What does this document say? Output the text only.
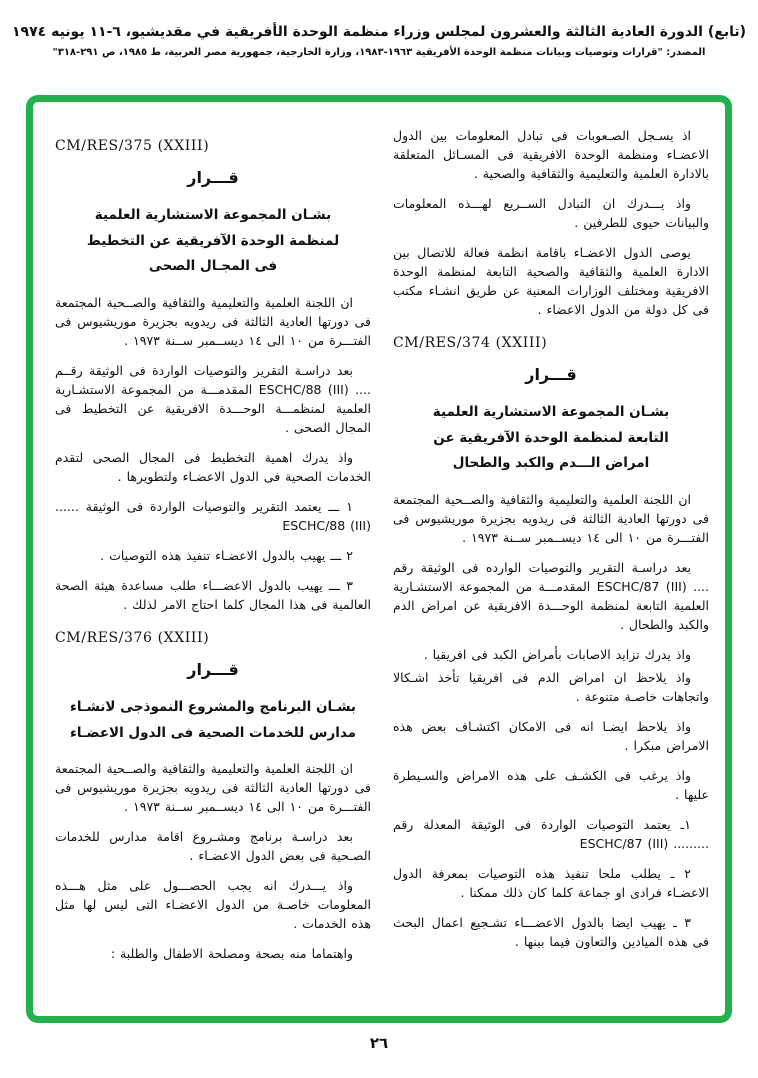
(تابع) الدورة العادية الثالثة والعشرون لمجلس وزراء منظمة الوحدة الأفريقية في مقديشيو، ٦-١١ يونيه ١٩٧٤
المصدر: "قرارات وتوصيات وبيانات منظمة الوحدة الأفريقية ١٩٦٣-١٩٨٣، وزارة الخارجية، جمهورية مصر العربية، ط ١٩٨٥، ص ٢٩١-٣١٨"
CM/RES/375 (XXIII)
قـــرار
بشـان المجموعة الاستشارية العلمية
لمنظمة الوحدة الآفريقية عن التخطيط
فى المجـال الصحى
ان اللجنة العلمية والتعليمية والثقافية والصــحية المجتمعة فى دورتها العادية الثالثة فى ريدويه بجزيرة موريشيوس فى الفتـــرة من ١٠ الى ١٤ ديســمبر ســنة ١٩٧٣ .
بعد دراسـة التقرير والتوصيات الواردة فى الوثيقة رقــم .... ESCHC/88 (III) المقدمـــة من المجموعة الاستشـارية العلمية لمنظمـــة الوحـــدة الافريقية عن التخطيط فى المجال الصحى .
واذ يدرك اهمية التخطيط فى المجال الصحى لتقدم الخدمات الصحية فى الدول الاعضـاء ولتطويرها .
١ ـــ يعتمد التقرير والتوصيات الواردة فى الوثيقة ...... ESCHC/88 (III)
٢ ـــ يهيب بالدول الاعضـاء تنفيذ هذه التوصيات .
٣ ـــ يهيب بالدول الاعضـــاء طلب مساعدة هيئة الصحة العالمية فى هذا المجال كلما احتاج الامر لذلك .
CM/RES/376 (XXIII)
قـــرار
بشـان البرنامج والمشروع النموذجى لانشـاء
مدارس للخدمات الصحية فى الدول الاعضـاء
ان اللجنة العلمية والتعليمية والثقافية والصــحية المجتمعة فى دورتها العادية الثالثة فى ريدويه بجزيرة موريشيوس فى الفتـــرة من ١٠ الى ١٤ ديســمبر ســنة ١٩٧٣ .
بعد دراسـة برنامج ومشـروع اقامة مدارس للخدمات الصـحية فى بعض الدول الاعضـاء .
واذ يـــدرك انه يجب الحصـــول على مثل هـــذه المعلومات خاصـة من الدول الاعضـاء التى ليس لها مثل هذه الخدمات .
واهتماما منه بصحة ومصلحة الاطفال والطلبة :
اذ يسـجل الصـعوبات فى تبادل المعلومات بين الدول الاعضـاء ومنظمة الوحدة الافريقية فى المسـائل المتعلقة بالادارة العلمية والتعليمية والثقافية والصحية .
واذ يـــدرك ان التبادل الســريع لهـــذه المعلومات والبيانات حيوى للطرفين .
يوصى الدول الاعضـاء باقامة انظمة فعالة للاتصال بين الادارة العلمية والثقافية والصحية التابعة لمنظمة الوحدة الافريقية ومختلف الوزارات المعنية عن طريق انشـاء مكتب فى كل دولة من الدول الاعضاء .
CM/RES/374 (XXIII)
قـــرار
بشـان المجموعة الاستشارية العلمية
التابعة لمنظمة الوحدة الآفريقية عن
امراض الـــدم والكبد والطحال
ان اللجنة العلمية والتعليمية والثقافية والصــحية المجتمعة فى دورتها العادية الثالثة فى ريدويه بجزيرة موريشيوس فى الفتـــرة من ١٠ الى ١٤ ديســمبر ســنة ١٩٧٣ .
بعد دراسـة التقرير والتوصيات الوارده فى الوثيقة رقم .... ESCHC/87 (III) المقدمـــة من المجموعة الاستشـارية العلمية التابعة لمنظمة الوحـــدة الافريقية عن امراض الدم والكبد والطحال .
واذ يدرك تزايد الاصابات بأمراض الكبد فى افريقيا .
واذ يلاحظ ان امراض الدم فى افريقيا تأخذ اشـكالا واتجاهات خاصـة متنوعة .
واذ يلاحظ ايضـا انه فى الامكان اكتشـاف بعض هذه الامراض مبكرا .
واذ يرغب فى الكشـف على هذه الامراض والسـيطرة عليها .
١ـ يعتمد التوصيات الواردة فى الوثيقة المعدلة رقم ......... ESCHC/87 (III)
٢ ـ يطلب ملحا تنفيذ هذه التوصيات بمعرفة الدول الاعضـاء فرادى او جماعة كلما كان ذلك ممكنا .
٣ ـ يهيب ايضا بالدول الاعضـــاء تشـجيع اعمال البحث فى هذه الميادين والتعاون فيما بينها .
٢٦
